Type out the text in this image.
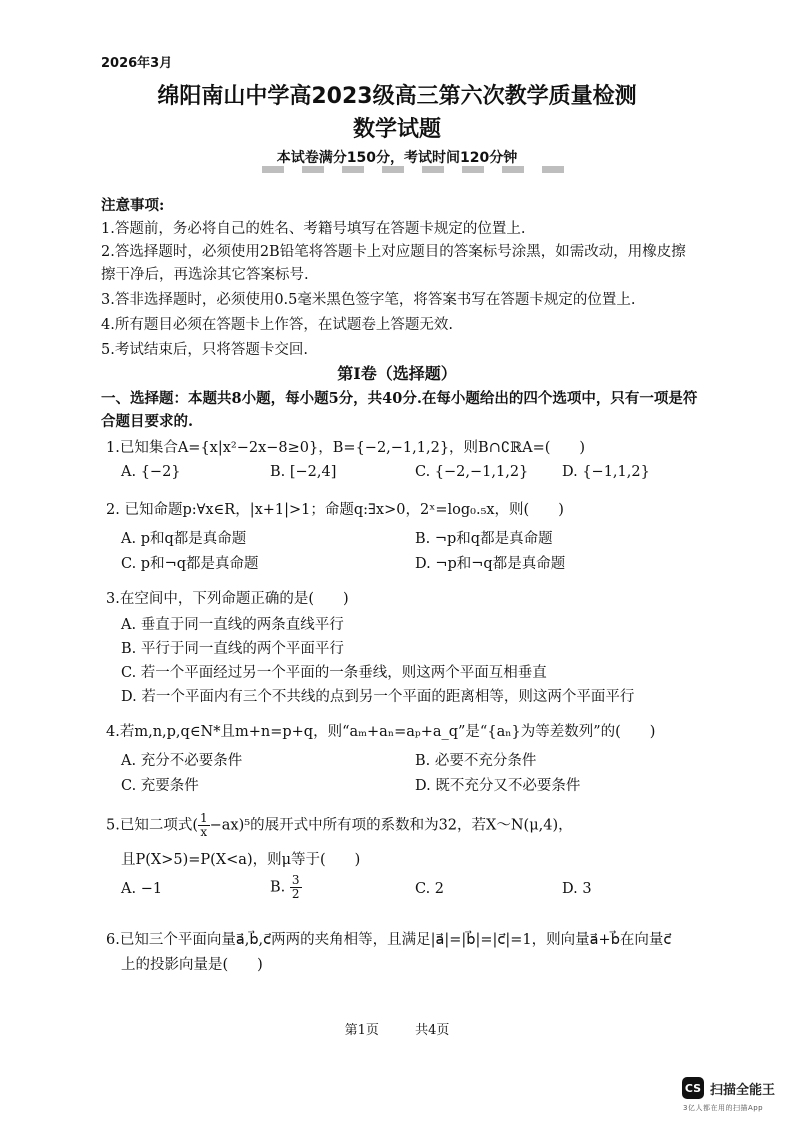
2026年3月
绵阳南山中学高2023级高三第六次教学质量检测
数学试题
本试卷满分150分，考试时间120分钟
注意事项:
1.答题前，务必将自己的姓名、考籍号填写在答题卡规定的位置上.
2.答选择题时，必须使用2B铅笔将答题卡上对应题目的答案标号涂黑，如需改动，用橡皮擦
擦干净后，再选涂其它答案标号.
3.答非选择题时，必须使用0.5毫米黑色签字笔，将答案书写在答题卡规定的位置上.
4.所有题目必须在答题卡上作答，在试题卷上答题无效.
5.考试结束后，只将答题卡交回.
第Ⅰ卷（选择题）
一、选择题：本题共8小题，每小题5分，共40分.在每小题给出的四个选项中，只有一项是符
合题目要求的.
1.已知集合A={x|x²−2x−8≥0}，B={−2,−1,1,2}，则B∩∁ℝA=(　　)
A. {−2}	B. [−2,4]	C. {−2,−1,1,2} D. {−1,1,2}
2. 已知命题p:∀x∈R，|x+1|>1；命题q:∃x>0，2ˣ=log₀.₅x，则(　　)
A. p和q都是真命题	B. ¬p和q都是真命题
C. p和¬q都是真命题	D. ¬p和¬q都是真命题
3.在空间中，下列命题正确的是(　　)
A. 垂直于同一直线的两条直线平行
B. 平行于同一直线的两个平面平行
C. 若一个平面经过另一个平面的一条垂线，则这两个平面互相垂直
D. 若一个平面内有三个不共线的点到另一个平面的距离相等，则这两个平面平行
4.若m,n,p,q∈N*且m+n=p+q，则“aₘ+aₙ=aₚ+a_q”是“{aₙ}为等差数列”的(　　)
A. 充分不必要条件	B. 必要不充分条件
C. 充要条件	D. 既不充分又不必要条件
5.已知二项式( $\frac{1}{x} -ax)^5$的展开式中所有项的系数和为32，若X～N(μ,4)，
且P(X>5)=P(X<a)，则μ等于(　　)
A. −1	B. $\frac{3}{2}$	C. 2	D. 3
6.已知三个平面向量a⃗,b⃗,c⃗两两的夹角相等，且满足|a⃗|=|b⃗|=|c⃗|=1，则向量a⃗+b⃗在向量c⃗
上的投影向量是(　　)
第1页	共4页
CS 扫描全能王
3亿人都在用的扫描App
